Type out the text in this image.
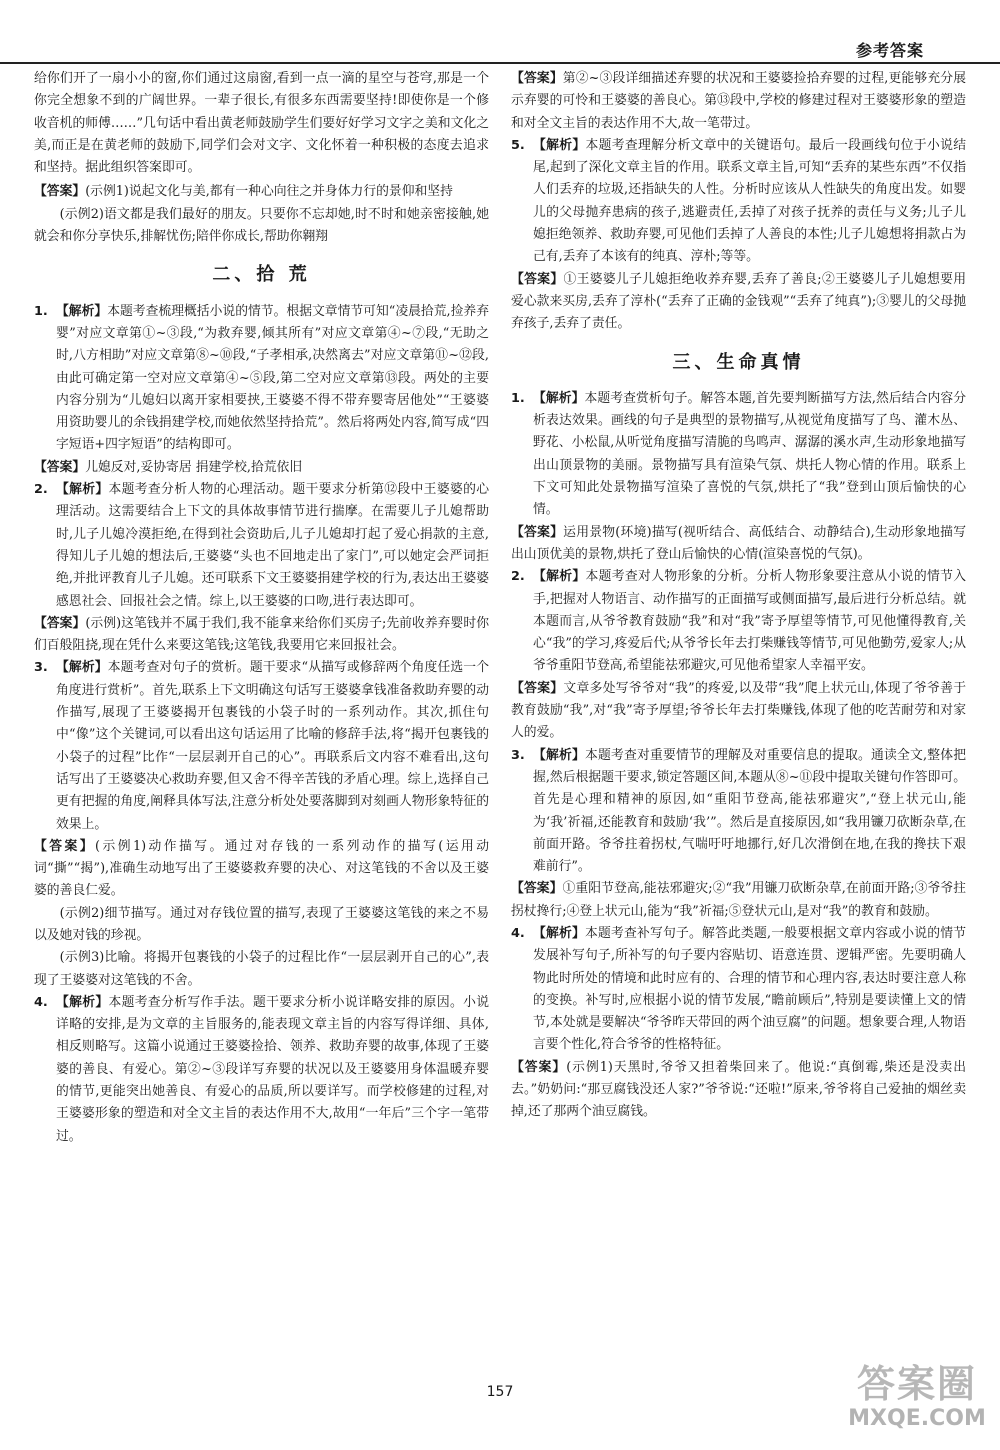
参考答案

给你们开了一扇小小的窗,你们通过这扇窗,看到一点一滴的星空与苍穹,那是一个你完全想象不到的广阔世界。一辈子很长,有很多东西需要坚持!即使你是一个修收音机的师傅……”几句话中看出黄老师鼓励学生们要好好学习文字之美和文化之美,而正是在黄老师的鼓励下,同学们会对文字、文化怀着一种积极的态度去追求和坚持。据此组织答案即可。

【答案】(示例1)说起文化与美,都有一种心向往之并身体力行的景仰和坚持

(示例2)语文都是我们最好的朋友。只要你不忘却她,时不时和她亲密接触,她就会和你分享快乐,排解忧伤;陪伴你成长,帮助你翱翔

二、拾 荒

1. 【解析】本题考查梳理概括小说的情节。根据文章情节可知“凌晨拾荒,捡养弃婴”对应文章第①~③段,“为救弃婴,倾其所有”对应文章第④~⑦段,“无助之时,八方相助”对应文章第⑧~⑩段,“子孝相承,决然离去”对应文章第⑪~⑫段,由此可确定第一空对应文章第④~⑤段,第二空对应文章第⑬段。两处的主要内容分别为“儿媳妇以离开家相要挟,王婆婆不得不带弃婴寄居他处”“王婆婆用资助婴儿的余钱捐建学校,而她依然坚持拾荒”。然后将两处内容,简写成“四字短语+四字短语”的结构即可。

【答案】儿媳反对,妥协寄居 捐建学校,拾荒依旧

2. 【解析】本题考查分析人物的心理活动。题干要求分析第⑫段中王婆婆的心理活动。这需要结合上下文的具体故事情节进行揣摩。在需要儿子儿媳帮助时,儿子儿媳冷漠拒绝,在得到社会资助后,儿子儿媳却打起了爱心捐款的主意,得知儿子儿媳的想法后,王婆婆“头也不回地走出了家门”,可以她定会严词拒绝,并批评教育儿子儿媳。还可联系下文王婆婆捐建学校的行为,表达出王婆婆感恩社会、回报社会之情。综上,以王婆婆的口吻,进行表达即可。

【答案】(示例)这笔钱并不属于我们,我不能拿来给你们买房子;先前收养弃婴时你们百般阻挠,现在凭什么来要这笔钱;这笔钱,我要用它来回报社会。

3. 【解析】本题考查对句子的赏析。题干要求“从描写或修辞两个角度任选一个角度进行赏析”。首先,联系上下文明确这句话写王婆婆拿钱准备救助弃婴的动作描写,展现了王婆婆揭开包裹钱的小袋子时的一系列动作。其次,抓住句中“像”这个关键词,可以看出这句话运用了比喻的修辞手法,将“揭开包裹钱的小袋子的过程”比作“一层层剥开自己的心”。再联系后文内容不难看出,这句话写出了王婆婆决心救助弃婴,但又舍不得辛苦钱的矛盾心理。综上,选择自己更有把握的角度,阐释具体写法,注意分析处处要落脚到对刻画人物形象特征的效果上。

【答案】(示例1)动作描写。通过对存钱的一系列动作的描写(运用动词“撕”“揭”),准确生动地写出了王婆婆救弃婴的决心、对这笔钱的不舍以及王婆婆的善良仁爱。

(示例2)细节描写。通过对存钱位置的描写,表现了王婆婆这笔钱的来之不易以及她对钱的珍视。

(示例3)比喻。将揭开包裹钱的小袋子的过程比作“一层层剥开自己的心”,表现了王婆婆对这笔钱的不舍。

4. 【解析】本题考查分析写作手法。题干要求分析小说详略安排的原因。小说详略的安排,是为文章的主旨服务的,能表现文章主旨的内容写得详细、具体,相反则略写。这篇小说通过王婆婆捡拾、领养、救助弃婴的故事,体现了王婆婆的善良、有爱心。第②~③段详写弃婴的状况以及王婆婆用身体温暖弃婴的情节,更能突出她善良、有爱心的品质,所以要详写。而学校修建的过程,对王婆婆形象的塑造和对全文主旨的表达作用不大,故用“一年后”三个字一笔带过。

【答案】第②~③段详细描述弃婴的状况和王婆婆捡拾弃婴的过程,更能够充分展示弃婴的可怜和王婆婆的善良心。第⑬段中,学校的修建过程对王婆婆形象的塑造和对全文主旨的表达作用不大,故一笔带过。

5. 【解析】本题考查理解分析文章中的关键语句。最后一段画线句位于小说结尾,起到了深化文章主旨的作用。联系文章主旨,可知“丢弃的某些东西”不仅指人们丢弃的垃圾,还指缺失的人性。分析时应该从人性缺失的角度出发。如婴儿的父母抛弃患病的孩子,逃避责任,丢掉了对孩子抚养的责任与义务;儿子儿媳拒绝领养、救助弃婴,可见他们丢掉了人善良的本性;儿子儿媳想将捐款占为己有,丢弃了本该有的纯真、淳朴;等等。

【答案】①王婆婆儿子儿媳拒绝收养弃婴,丢弃了善良;②王婆婆儿子儿媳想要用爱心款来买房,丢弃了淳朴(“丢弃了正确的金钱观”“丢弃了纯真”);③婴儿的父母抛弃孩子,丢弃了责任。

三、生命真情

1. 【解析】本题考查赏析句子。解答本题,首先要判断描写方法,然后结合内容分析表达效果。画线的句子是典型的景物描写,从视觉角度描写了鸟、灌木丛、野花、小松鼠,从听觉角度描写清脆的鸟鸣声、潺潺的溪水声,生动形象地描写出山顶景物的美丽。景物描写具有渲染气氛、烘托人物心情的作用。联系上下文可知此处景物描写渲染了喜悦的气氛,烘托了“我”登到山顶后愉快的心情。

【答案】运用景物(环境)描写(视听结合、高低结合、动静结合),生动形象地描写出山顶优美的景物,烘托了登山后愉快的心情(渲染喜悦的气氛)。

2. 【解析】本题考查对人物形象的分析。分析人物形象要注意从小说的情节入手,把握对人物语言、动作描写的正面描写或侧面描写,最后进行分析总结。就本题而言,从爷爷教育鼓励“我”和对“我”寄予厚望等情节,可见他懂得教育,关心“我”的学习,疼爱后代;从爷爷长年去打柴赚钱等情节,可见他勤劳,爱家人;从爷爷重阳节登高,希望能祛邪避灾,可见他希望家人幸福平安。

【答案】文章多处写爷爷对“我”的疼爱,以及带“我”爬上状元山,体现了爷爷善于教育鼓励“我”,对“我”寄予厚望;爷爷长年去打柴赚钱,体现了他的吃苦耐劳和对家人的爱。

3. 【解析】本题考查对重要情节的理解及对重要信息的提取。通读全文,整体把握,然后根据题干要求,锁定答题区间,本题从⑧~⑪段中提取关键句作答即可。首先是心理和精神的原因,如“重阳节登高,能祛邪避灾”,“登上状元山,能为‘我’祈福,还能教育和鼓励‘我’”。然后是直接原因,如“我用镰刀砍断杂草,在前面开路。爷爷拄着拐杖,气喘吁吁地挪行,好几次滑倒在地,在我的搀扶下艰难前行”。

【答案】①重阳节登高,能祛邪避灾;②“我”用镰刀砍断杂草,在前面开路;③爷爷拄拐杖搀行;④登上状元山,能为“我”祈福;⑤登状元山,是对“我”的教育和鼓励。

4. 【解析】本题考查补写句子。解答此类题,一般要根据文章内容或小说的情节发展补写句子,所补写的句子要内容贴切、语意连贯、逻辑严密。先要明确人物此时所处的情境和此时应有的、合理的情节和心理内容,表达时要注意人称的变换。补写时,应根据小说的情节发展,“瞻前顾后”,特别是要读懂上文的情节,本处就是要解决“爷爷昨天带回的两个油豆腐”的问题。想象要合理,人物语言要个性化,符合爷爷的性格特征。

【答案】(示例1)天黑时,爷爷又担着柴回来了。他说:“真倒霉,柴还是没卖出去。”奶奶问:“那豆腐钱没还人家?”爷爷说:“还啦!”原来,爷爷将自己爱抽的烟丝卖掉,还了那两个油豆腐钱。

157	答案圈
MXQE.COM
